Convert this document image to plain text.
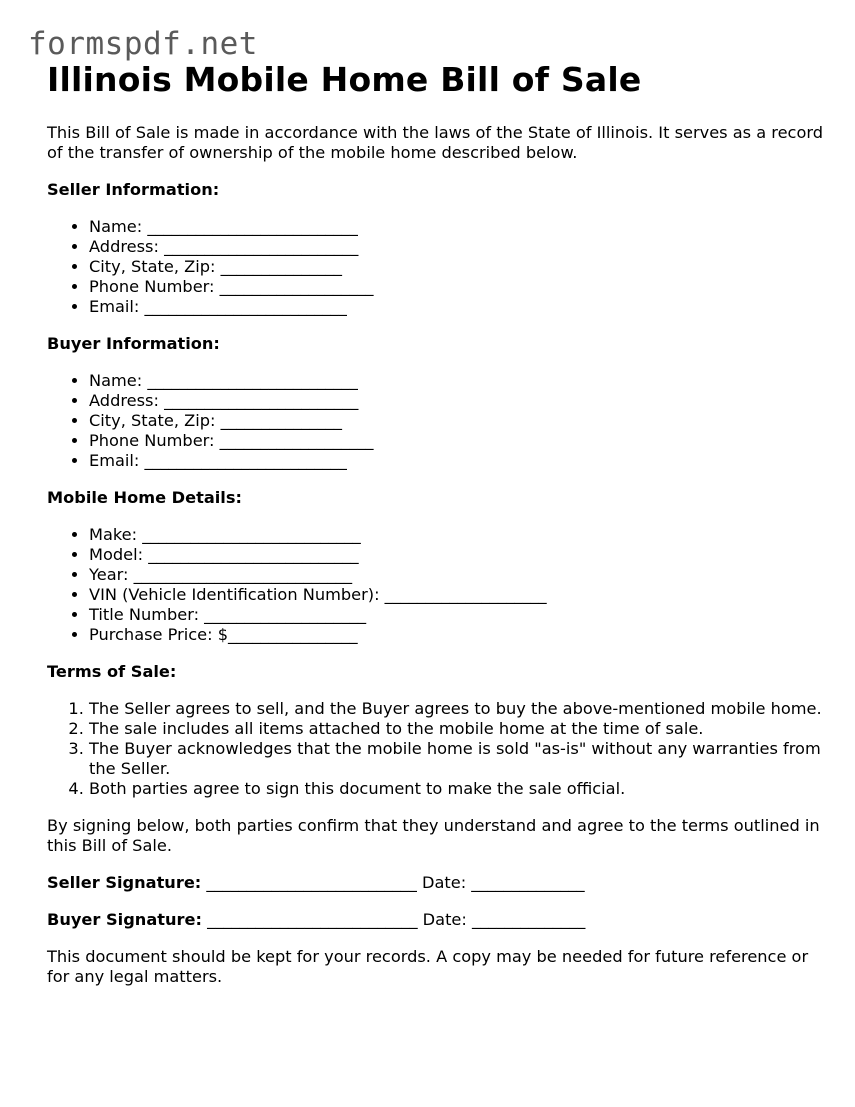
formspdf.net
Illinois Mobile Home Bill of Sale

This Bill of Sale is made in accordance with the laws of the State of Illinois. It serves as a record of the transfer of ownership of the mobile home described below.

Seller Information:
• Name: __________________________
• Address: ________________________
• City, State, Zip: _______________
• Phone Number: ___________________
• Email: _________________________
Buyer Information:
• Name: __________________________
• Address: ________________________
• City, State, Zip: _______________
• Phone Number: ___________________
• Email: _________________________
Mobile Home Details:
• Make: ___________________________
• Model: __________________________
• Year: ___________________________
• VIN (Vehicle Identification Number): ____________________
• Title Number: ____________________
• Purchase Price: $________________
Terms of Sale:
1. The Seller agrees to sell, and the Buyer agrees to buy the above-mentioned mobile home.
2. The sale includes all items attached to the mobile home at the time of sale.
3. The Buyer acknowledges that the mobile home is sold "as-is" without any warranties from the Seller.
4. Both parties agree to sign this document to make the sale official.

By signing below, both parties confirm that they understand and agree to the terms outlined in this Bill of Sale.

Seller Signature: __________________________ Date: ______________
Buyer Signature: __________________________ Date: ______________

This document should be kept for your records. A copy may be needed for future reference or for any legal matters.
